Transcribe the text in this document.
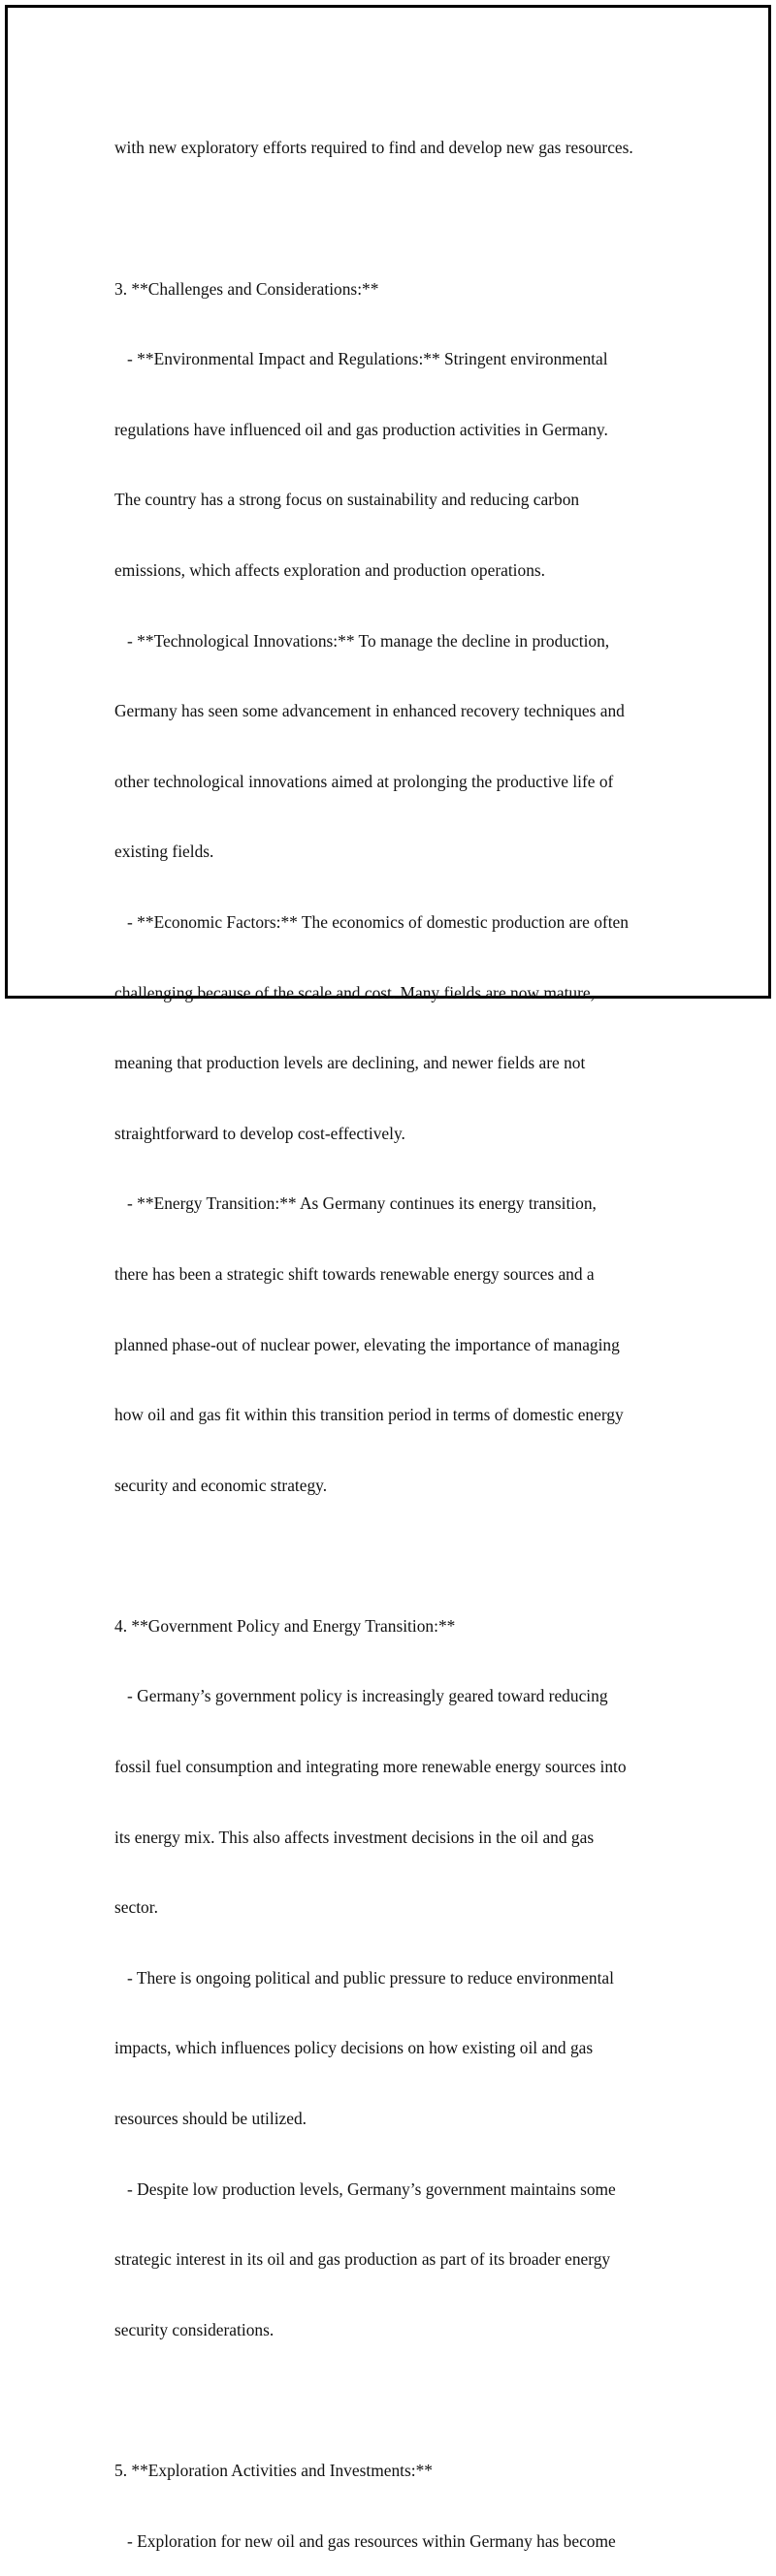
with new exploratory efforts required to find and develop new gas resources.

3. **Challenges and Considerations:**

- **Environmental Impact and Regulations:** Stringent environmental

regulations have influenced oil and gas production activities in Germany.

The country has a strong focus on sustainability and reducing carbon

emissions, which affects exploration and production operations.

- **Technological Innovations:** To manage the decline in production,

Germany has seen some advancement in enhanced recovery techniques and

other technological innovations aimed at prolonging the productive life of

existing fields.

- **Economic Factors:** The economics of domestic production are often

challenging because of the scale and cost. Many fields are now mature,

meaning that production levels are declining, and newer fields are not

straightforward to develop cost-effectively.

- **Energy Transition:** As Germany continues its energy transition,

there has been a strategic shift towards renewable energy sources and a

planned phase-out of nuclear power, elevating the importance of managing

how oil and gas fit within this transition period in terms of domestic energy

security and economic strategy.

4. **Government Policy and Energy Transition:**

- Germany’s government policy is increasingly geared toward reducing

fossil fuel consumption and integrating more renewable energy sources into

its energy mix. This also affects investment decisions in the oil and gas

sector.

- There is ongoing political and public pressure to reduce environmental

impacts, which influences policy decisions on how existing oil and gas

resources should be utilized.

- Despite low production levels, Germany’s government maintains some

strategic interest in its oil and gas production as part of its broader energy

security considerations.

5. **Exploration Activities and Investments:**

- Exploration for new oil and gas resources within Germany has become
